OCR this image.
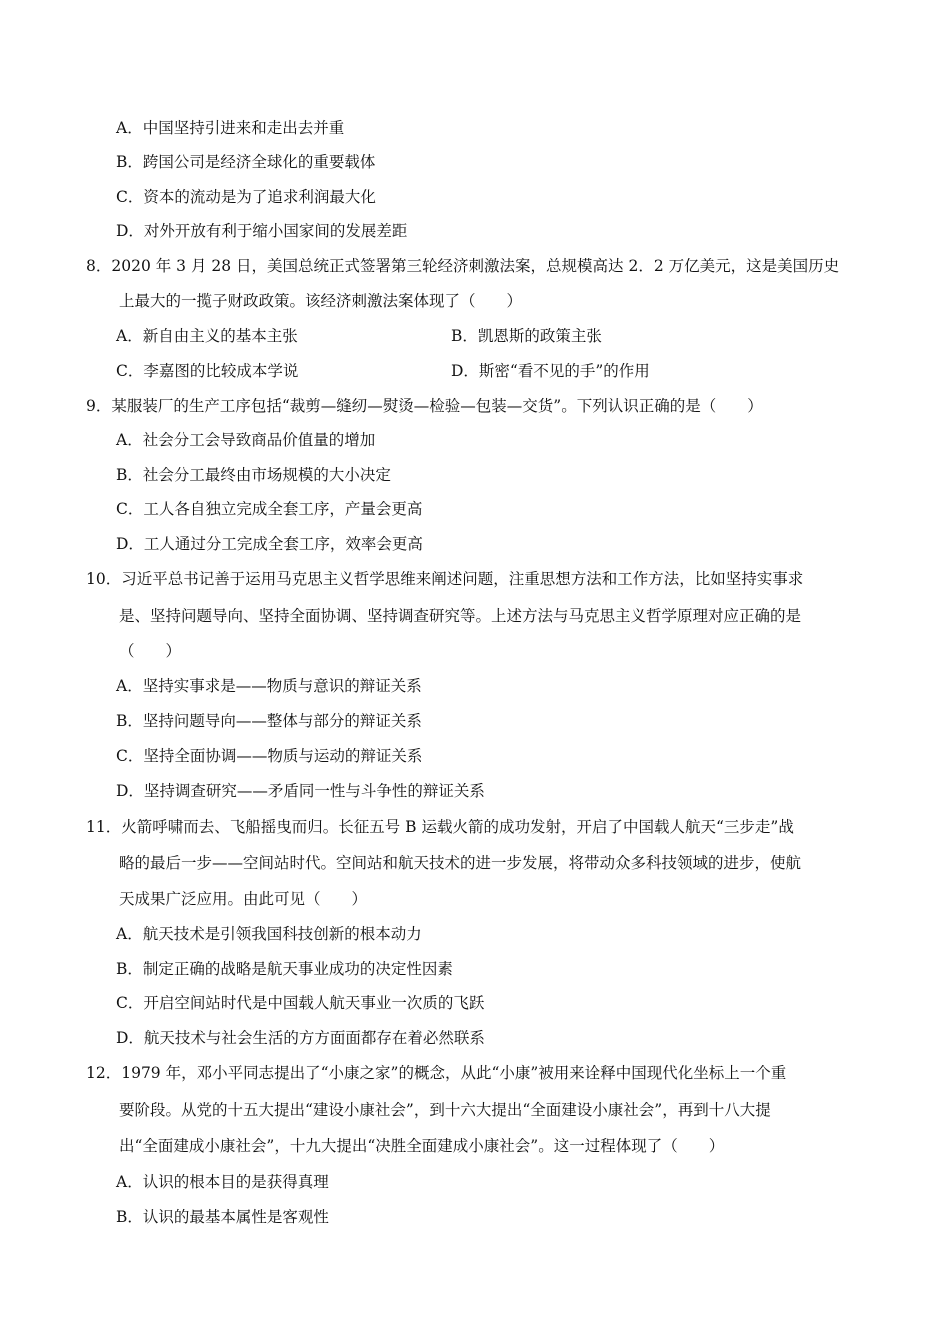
A．中国坚持引进来和走出去并重
B．跨国公司是经济全球化的重要载体
C．资本的流动是为了追求利润最大化
D．对外开放有利于缩小国家间的发展差距
8．2020 年 3 月 28 日，美国总统正式签署第三轮经济刺激法案，总规模高达 2．2 万亿美元，这是美国历史
上最大的一揽子财政政策。该经济刺激法案体现了（　　）
A．新自由主义的基本主张	B．凯恩斯的政策主张
C．李嘉图的比较成本学说	D．斯密“看不见的手”的作用
9．某服装厂的生产工序包括“裁剪—缝纫—熨烫—检验—包装—交货”。下列认识正确的是（　　）
A．社会分工会导致商品价值量的增加
B．社会分工最终由市场规模的大小决定
C．工人各自独立完成全套工序，产量会更高
D．工人通过分工完成全套工序，效率会更高
10．习近平总书记善于运用马克思主义哲学思维来阐述问题，注重思想方法和工作方法，比如坚持实事求
是、坚持问题导向、坚持全面协调、坚持调查研究等。上述方法与马克思主义哲学原理对应正确的是
（　　）
A．坚持实事求是——物质与意识的辩证关系
B．坚持问题导向——整体与部分的辩证关系
C．坚持全面协调——物质与运动的辩证关系
D．坚持调查研究——矛盾同一性与斗争性的辩证关系
11．火箭呼啸而去、飞船摇曳而归。长征五号 B 运载火箭的成功发射，开启了中国载人航天“三步走”战
略的最后一步——空间站时代。空间站和航天技术的进一步发展，将带动众多科技领域的进步，使航
天成果广泛应用。由此可见（　　）
A．航天技术是引领我国科技创新的根本动力
B．制定正确的战略是航天事业成功的决定性因素
C．开启空间站时代是中国载人航天事业一次质的飞跃
D．航天技术与社会生活的方方面面都存在着必然联系
12．1979 年，邓小平同志提出了“小康之家”的概念，从此“小康”被用来诠释中国现代化坐标上一个重
要阶段。从党的十五大提出“建设小康社会”，到十六大提出“全面建设小康社会”，再到十八大提
出“全面建成小康社会”，十九大提出“决胜全面建成小康社会”。这一过程体现了（　　）
A．认识的根本目的是获得真理
B．认识的最基本属性是客观性
